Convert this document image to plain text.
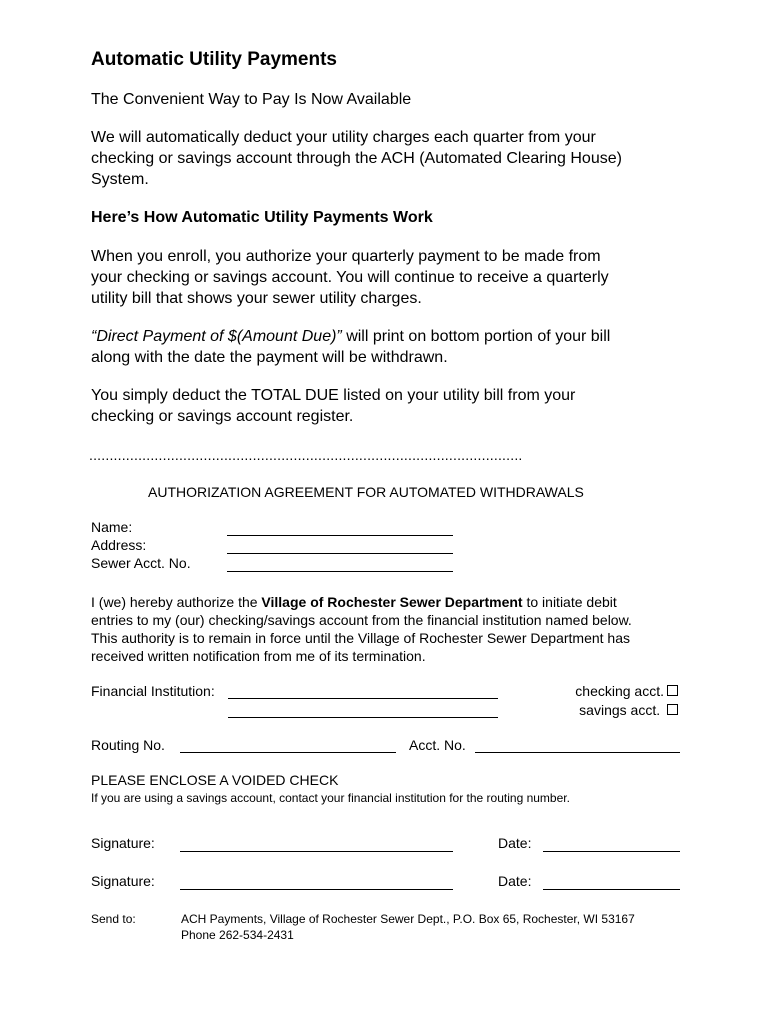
Automatic Utility Payments
The Convenient Way to Pay Is Now Available
We will automatically deduct your utility charges each quarter from your
checking or savings account through the ACH (Automated Clearing House)
System.
Here’s How Automatic Utility Payments Work
When you enroll, you authorize your quarterly payment to be made from
your checking or savings account. You will continue to receive a quarterly
utility bill that shows your sewer utility charges.
“Direct Payment of $(Amount Due)” will print on bottom portion of your bill
along with the date the payment will be withdrawn.
You simply deduct the TOTAL DUE listed on your utility bill from your
checking or savings account register.
..........................................................................................................
AUTHORIZATION AGREEMENT FOR AUTOMATED WITHDRAWALS
Name:
Address:
Sewer Acct. No.
I (we) hereby authorize the Village of Rochester Sewer Department to initiate debit
entries to my (our) checking/savings account from the financial institution named below.
This authority is to remain in force until the Village of Rochester Sewer Department has
received written notification from me of its termination.
Financial Institution:	checking acct.
savings acct.
Routing No.	Acct. No.
PLEASE ENCLOSE A VOIDED CHECK
If you are using a savings account, contact your financial institution for the routing number.
Signature:	Date:
Signature:	Date:
Send to:	ACH Payments, Village of Rochester Sewer Dept., P.O. Box 65, Rochester, WI 53167
Phone 262-534-2431
